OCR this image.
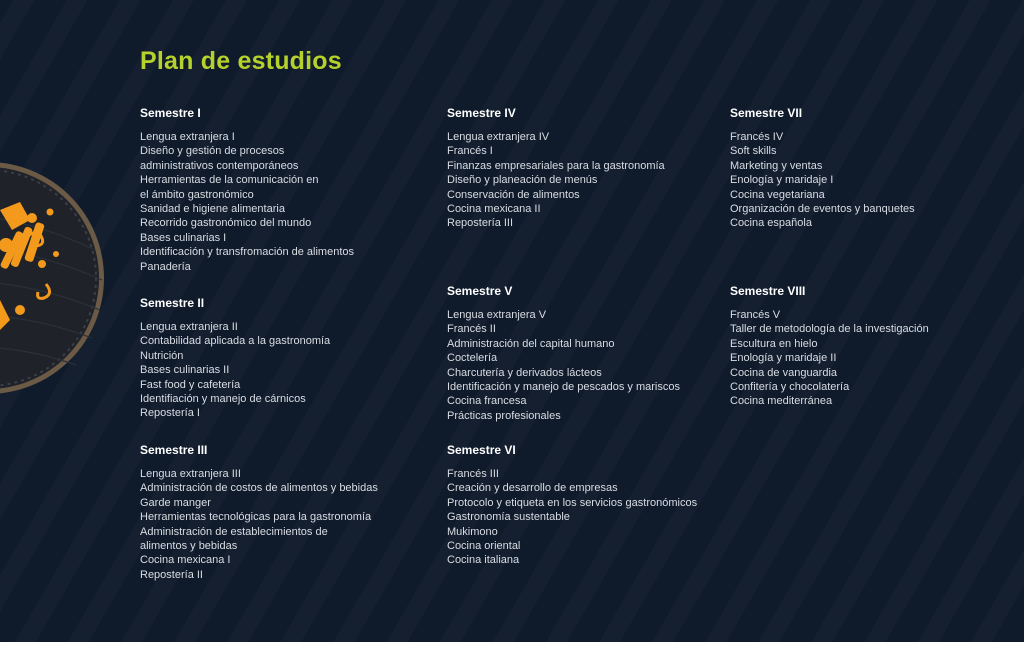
Plan de estudios
Semestre I
Lengua extranjera I
Diseño y gestión de procesos
administrativos contemporáneos
Herramientas de la comunicación en
el ámbito gastronómico
Sanidad e higiene alimentaria
Recorrido gastronómico del mundo
Bases culinarias I
Identificación y transfromación de alimentos
Panadería
Semestre II
Lengua extranjera II
Contabilidad aplicada a la gastronomía
Nutrición
Bases culinarias II
Fast food y cafetería
Identifiación y manejo de cárnicos
Repostería I
Semestre III
Lengua extranjera III
Administración de costos de alimentos y bebidas
Garde manger
Herramientas tecnológicas para la gastronomía
Administración de establecimientos de
alimentos y bebidas
Cocina mexicana I
Repostería II
Semestre IV
Lengua extranjera IV
Francés I
Finanzas empresariales para la gastronomía
Diseño y planeación de menús
Conservación de alimentos
Cocina mexicana II
Repostería III
Semestre V
Lengua extranjera V
Francés II
Administración del capital humano
Coctelería
Charcutería y derivados lácteos
Identificación y manejo de pescados y mariscos
Cocina francesa
Prácticas profesionales
Semestre VI
Francés III
Creación y desarrollo de empresas
Protocolo y etiqueta en los servicios gastronómicos
Gastronomía sustentable
Mukimono
Cocina oriental
Cocina italiana
Semestre VII
Francés IV
Soft skills
Marketing y ventas
Enología y maridaje I
Cocina vegetariana
Organización de eventos y banquetes
Cocina española
Semestre VIII
Francés V
Taller de metodología de la investigación
Escultura en hielo
Enología y maridaje II
Cocina de vanguardia
Confitería y chocolatería
Cocina mediterránea
